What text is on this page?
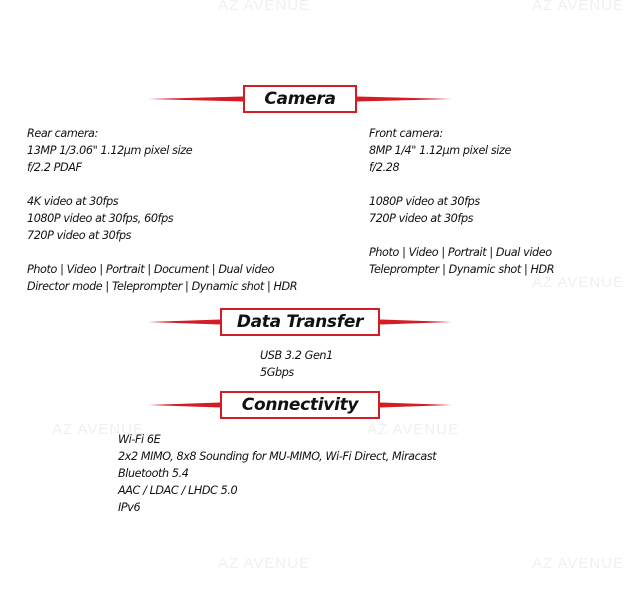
AZ AVENUE	AZ AVENUE
AZ AVENUE
AZ AVENUE	AZ AVENUE
AZ AVENUE	AZ AVENUE
Camera
Rear camera:
13MP 1/3.06" 1.12μm pixel size
f/2.2 PDAF
4K video at 30fps
1080P video at 30fps, 60fps
720P video at 30fps
Photo | Video | Portrait | Document | Dual video
Director mode | Teleprompter | Dynamic shot | HDR
Front camera:
8MP 1/4" 1.12μm pixel size
f/2.28
1080P video at 30fps
720P video at 30fps
Photo | Video | Portrait | Dual video
Teleprompter | Dynamic shot | HDR
Data Transfer
USB 3.2 Gen1
5Gbps
Connectivity
Wi-Fi 6E
2x2 MIMO, 8x8 Sounding for MU-MIMO, Wi-Fi Direct, Miracast
Bluetooth 5.4
AAC / LDAC / LHDC 5.0
IPv6
